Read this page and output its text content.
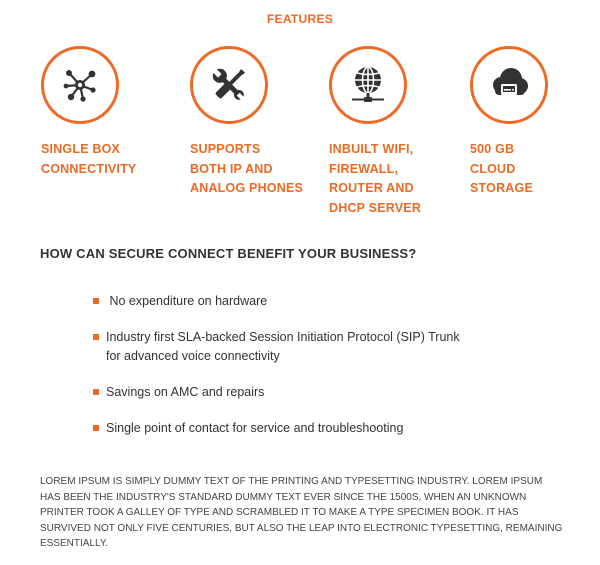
FEATURES
SINGLE BOX
CONNECTIVITY
SUPPORTS
BOTH IP AND
ANALOG PHONES
INBUILT WIFI,
FIREWALL,
ROUTER AND
DHCP SERVER
500 GB
CLOUD
STORAGE
HOW CAN SECURE CONNECT BENEFIT YOUR BUSINESS?
No expenditure on hardware
Industry first SLA-backed Session Initiation Protocol (SIP) Trunk
for advanced voice connectivity
Savings on AMC and repairs
Single point of contact for service and troubleshooting
LOREM IPSUM IS SIMPLY DUMMY TEXT OF THE PRINTING AND TYPESETTING INDUSTRY. LOREM IPSUM
HAS BEEN THE INDUSTRY'S STANDARD DUMMY TEXT EVER SINCE THE 1500S, WHEN AN UNKNOWN
PRINTER TOOK A GALLEY OF TYPE AND SCRAMBLED IT TO MAKE A TYPE SPECIMEN BOOK. IT HAS
SURVIVED NOT ONLY FIVE CENTURIES, BUT ALSO THE LEAP INTO ELECTRONIC TYPESETTING, REMAINING
ESSENTIALLY.
